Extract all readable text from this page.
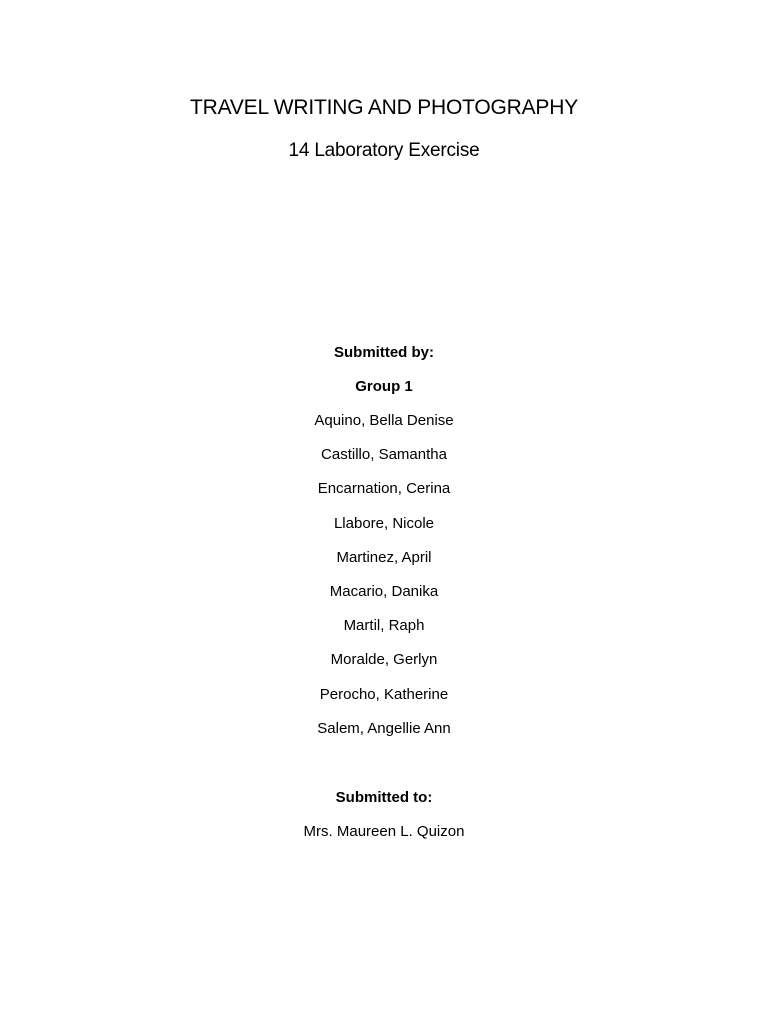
TRAVEL WRITING AND PHOTOGRAPHY
14 Laboratory Exercise
Submitted by:
Group 1
Aquino, Bella Denise
Castillo, Samantha
Encarnation, Cerina
Llabore, Nicole
Martinez, April
Macario, Danika
Martil, Raph
Moralde, Gerlyn
Perocho, Katherine
Salem, Angellie Ann
Submitted to:
Mrs. Maureen L. Quizon
